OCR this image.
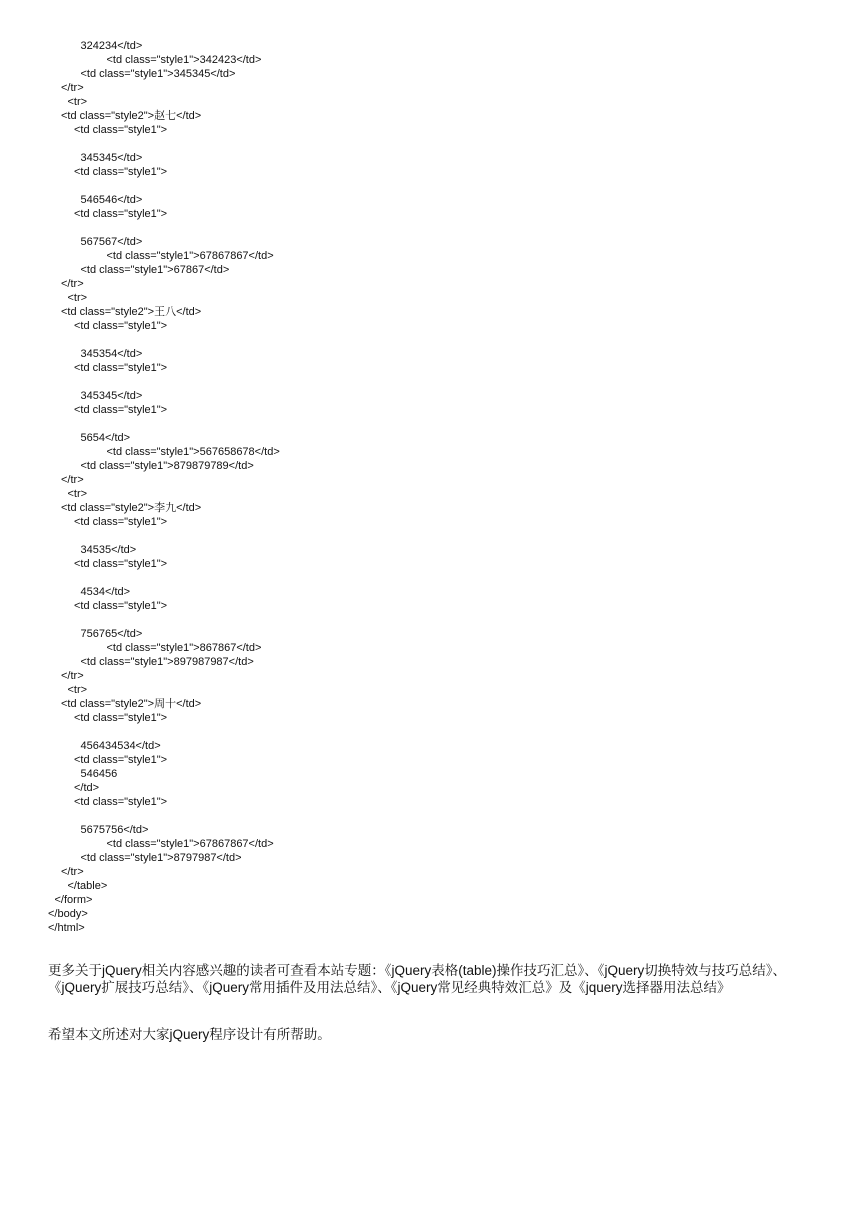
324234</td>
<td class="style1">342423</td>
<td class="style1">345345</td>
</tr>
<tr>
<td class="style2">赵七</td>
<td class="style1">
345345</td>
<td class="style1">
546546</td>
<td class="style1">
567567</td>
<td class="style1">67867867</td>
<td class="style1">67867</td>
</tr>
<tr>
<td class="style2">王八</td>
<td class="style1">
345354</td>
<td class="style1">
345345</td>
<td class="style1">
5654</td>
<td class="style1">567658678</td>
<td class="style1">879879789</td>
</tr>
<tr>
<td class="style2">李九</td>
<td class="style1">
34535</td>
<td class="style1">
4534</td>
<td class="style1">
756765</td>
<td class="style1">867867</td>
<td class="style1">897987987</td>
</tr>
<tr>
<td class="style2">周十</td>
<td class="style1">
456434534</td>
<td class="style1">
546456
</td>
<td class="style1">
5675756</td>
<td class="style1">67867867</td>
<td class="style1">8797987</td>
</tr>
</table>
</form>
</body>
</html>
更多关于jQuery相关内容感兴趣的读者可查看本站专题：《jQuery表格(table)操作技巧汇总》、《jQuery切换特效与技巧总结》、《jQuery扩展技巧总结》、《jQuery常用插件及用法总结》、《jQuery常见经典特效汇总》及《jquery选择器用法总结》
希望本文所述对大家jQuery程序设计有所帮助。
